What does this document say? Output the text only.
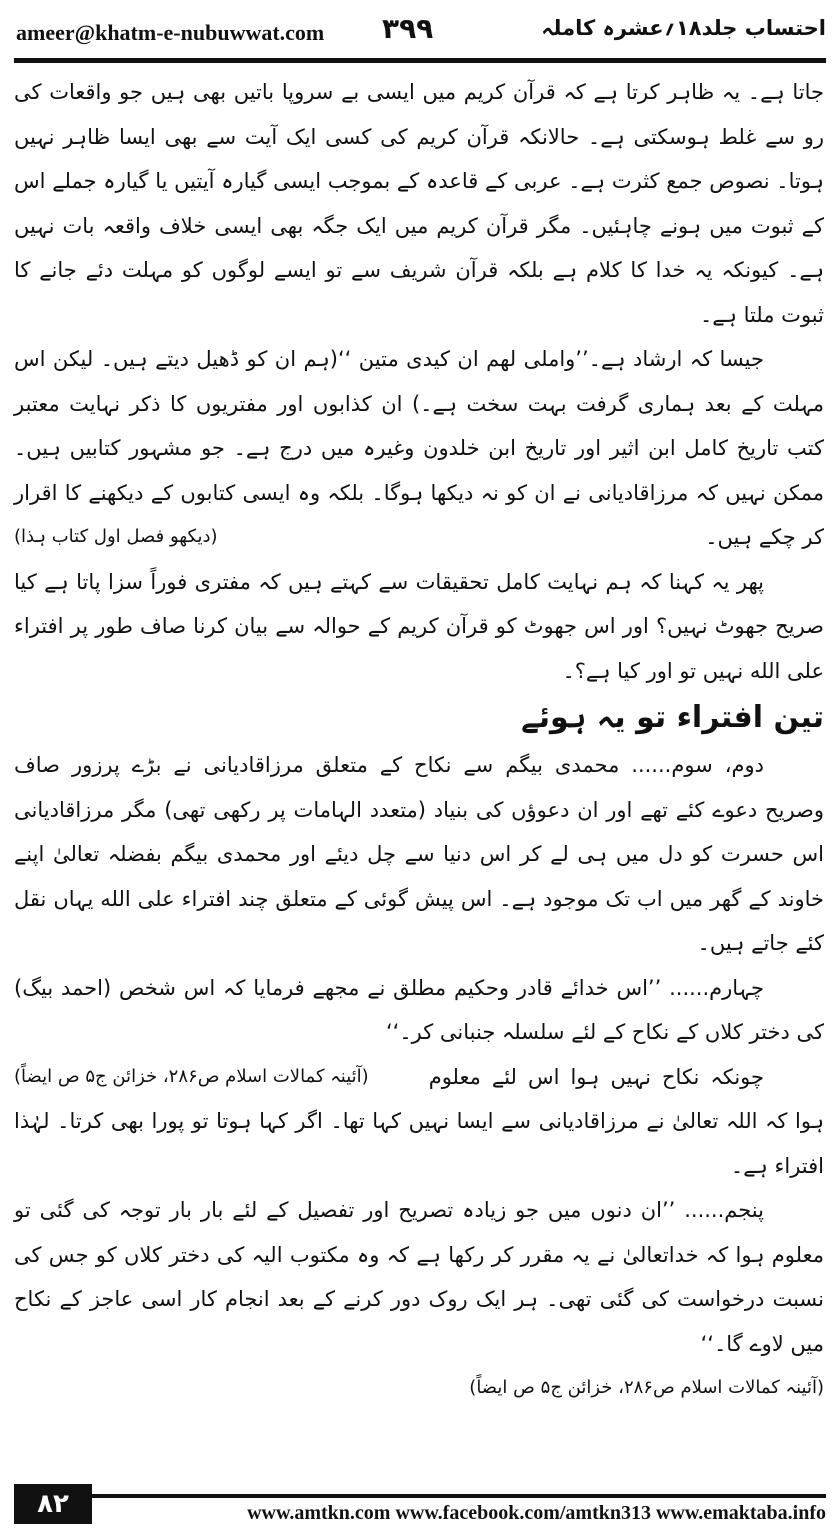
ameer@khatm-e-nubuwwat.com ۳۹۹	احتساب جلد۱۸؍عشرہ کاملہ

جاتا ہے۔ یہ ظاہر کرتا ہے کہ قرآن کریم میں ایسی بے سروپا باتیں بھی ہیں جو واقعات کی رو سے غلط ہوسکتی ہے۔ حالانکہ قرآن کریم کی کسی ایک آیت سے بھی ایسا ظاہر نہیں ہوتا۔ نصوص جمع کثرت ہے۔ عربی کے قاعدہ کے بموجب ایسی گیارہ آیتیں یا گیارہ جملے اس کے ثبوت میں ہونے چاہئیں۔ مگر قرآن کریم میں ایک جگہ بھی ایسی خلاف واقعہ بات نہیں ہے۔ کیونکہ یہ خدا کا کلام ہے بلکہ قرآن شریف سے تو ایسے لوگوں کو مہلت دئے جانے کا ثبوت ملتا ہے۔

جیسا کہ ارشاد ہے۔’’واملی لهم ان کیدی متین ‘‘(ہم ان کو ڈھیل دیتے ہیں۔ لیکن اس مہلت کے بعد ہماری گرفت بہت سخت ہے۔) ان کذابوں اور مفتریوں کا ذکر نہایت معتبر کتب تاریخ کامل ابن اثیر اور تاریخ ابن خلدون وغیرہ میں درج ہے۔ جو مشہور کتابیں ہیں۔ ممکن نہیں کہ مرزاقادیانی نے ان کو نہ دیکھا ہوگا۔ بلکہ وہ ایسی کتابوں کے دیکھنے کا اقرار کر چکے ہیں۔
(دیکھو فصل اول کتاب ہذا)

پھر یہ کہنا کہ ہم نہایت کامل تحقیقات سے کہتے ہیں کہ مفتری فوراً سزا پاتا ہے کیا صریح جھوٹ نہیں؟ اور اس جھوٹ کو قرآن کریم کے حوالہ سے بیان کرنا صاف طور پر افتراء علی الله نہیں تو اور کیا ہے؟۔

تین افتراء تو یہ ہوئے

دوم، سوم...... محمدی بیگم سے نکاح کے متعلق مرزاقادیانی نے بڑے پرزور صاف وصریح دعوے کئے تھے اور ان دعوؤں کی بنیاد (متعدد الہامات پر رکھی تھی) مگر مرزاقادیانی اس حسرت کو دل میں ہی لے کر اس دنیا سے چل دیئے اور محمدی بیگم بفضلہ تعالیٰ اپنے خاوند کے گھر میں اب تک موجود ہے۔ اس پیش گوئی کے متعلق چند افتراء علی الله یہاں نقل کئے جاتے ہیں۔

چہارم...... ’’اس خدائے قادر وحکیم مطلق نے مجھے فرمایا کہ اس شخص (احمد بیگ) کی دختر کلاں کے نکاح کے لئے سلسلہ جنبانی کر۔‘‘
(آئینہ کمالات اسلام ص۲۸۶، خزائن ج۵ ص ایضاً)	چونکہ نکاح نہیں ہوا اس لئے معلوم ہوا کہ اللہ تعالیٰ نے مرزاقادیانی سے ایسا نہیں کہا تھا۔ اگر کہا ہوتا تو پورا بھی کرتا۔ لہٰذا افتراء ہے۔

پنجم...... ’’ان دنوں میں جو زیادہ تصریح اور تفصیل کے لئے بار بار توجہ کی گئی تو معلوم ہوا کہ خداتعالیٰ نے یہ مقرر کر رکھا ہے کہ وہ مکتوب الیہ کی دختر کلاں کو جس کی نسبت درخواست کی گئی تھی۔ ہر ایک روک دور کرنے کے بعد انجام کار اسی عاجز کے نکاح میں لاوے گا۔‘‘

(آئینہ کمالات اسلام ص۲۸۶، خزائن ج۵ ص ایضاً)

۸۲	www.amtkn.com www.facebook.com/amtkn313 www.emaktaba.info
